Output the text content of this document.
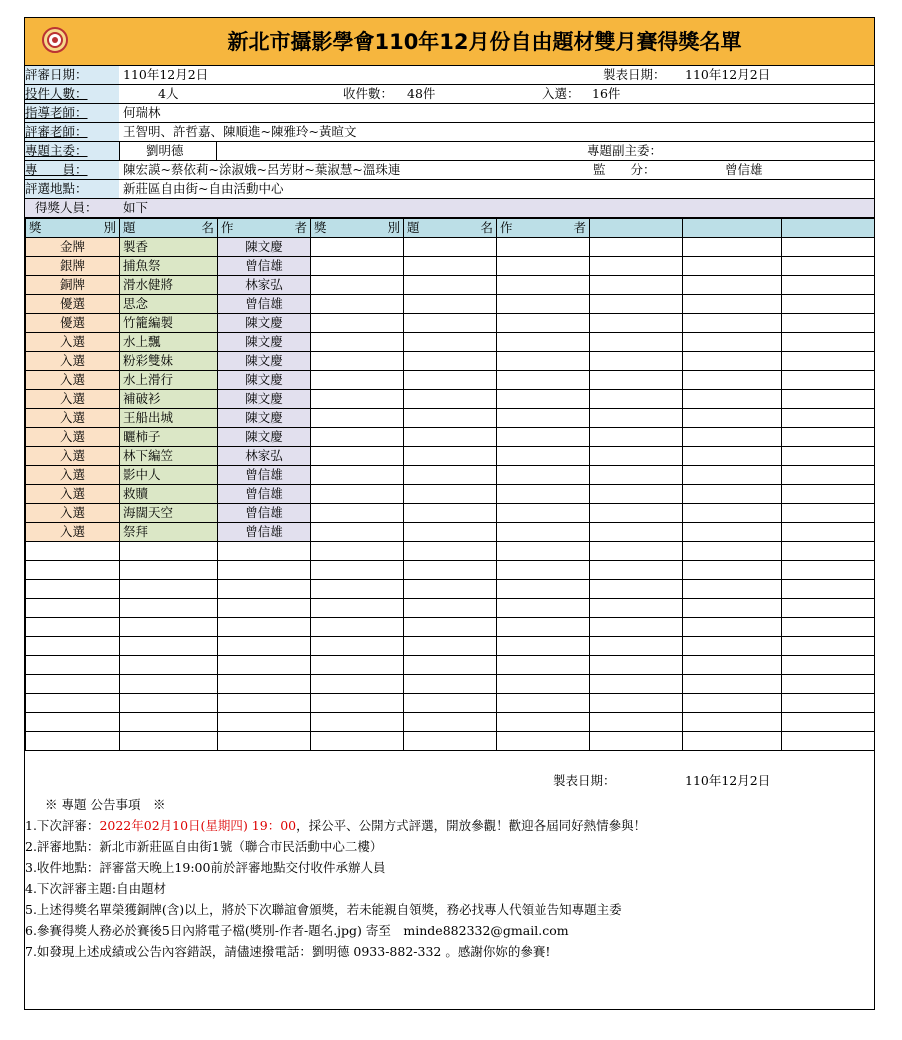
新北市攝影學會110年12月份自由題材雙月賽得獎名單
評審日期：	110年12月2日	製表日期： 110年12月2日
投件人數：	4人	收件數： 48件	入選： 16件
指導老師：	何瑞林
評審老師：	王智明、許哲嘉、陳順進~陳雅玲~黃暄文
專題主委：	劉明德	專題副主委：
專　　員：	陳宏謨~蔡依莉~涂淑娥~呂芳財~葉淑慧~溫珠連	監　　分：	曾信雄
評選地點：	新莊區自由街~自由活動中心
得獎人員： 如下
獎 別	題 名	作 者	獎 別	題 名	作 者			

金牌	製香	陳文慶						
銀牌	捕魚祭	曾信雄						
銅牌	滑水健將	林家弘						
優選	思念	曾信雄						
優選	竹籠編製	陳文慶						
入選	水上飄	陳文慶						
入選	粉彩雙妹	陳文慶						
入選	水上滑行	陳文慶						
入選	補破衫	陳文慶						
入選	王船出城	陳文慶						
入選	曬柿子	陳文慶						
入選	林下編笠	林家弘						
入選	影中人	曾信雄						
入選	救贖	曾信雄						
入選	海闊天空	曾信雄						
入選	祭拜	曾信雄						

製表日期：	110年12月2日
※ 專題 公告事項　※
1.下次評審：2022年02月10日(星期四) 19：00，採公平、公開方式評選，開放參觀！歡迎各屆同好熱情參與！
2.評審地點：新北市新莊區自由街1號（聯合市民活動中心二樓）
3.收件地點：評審當天晚上19:00前於評審地點交付收件承辦人員
4.下次評審主題:自由題材
5.上述得獎名單榮獲銅牌(含)以上，將於下次聯誼會頒獎，若未能親自領獎，務必找專人代領並告知專題主委
6.參賽得獎人務必於賽後5日內將電子檔(獎別-作者-題名.jpg) 寄至　minde882332@gmail.com
7.如發現上述成績或公告內容錯誤，請儘速撥電話：劉明德 0933-882-332 。感謝你妳的參賽!
